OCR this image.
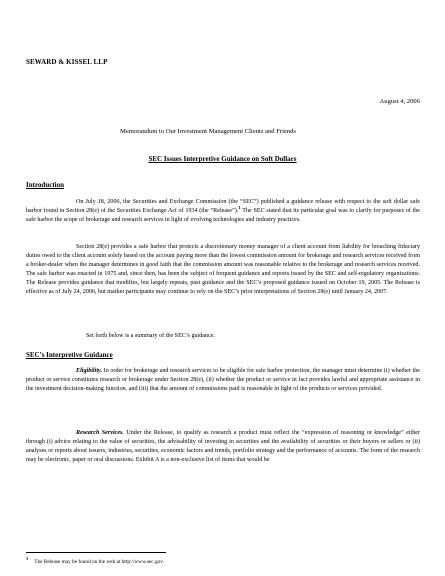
SEWARD & KISSEL LLP
August 4, 2006
Memorandum to Our Investment Management Clients and Friends
SEC Issues Interpretive Guidance on Soft Dollars
Introduction
On July 18, 2006, the Securities and Exchange Commission (the “SEC”) published a guidance release with respect to the soft dollar safe harbor found in Section 28(e) of the Securities Exchange Act of 1934 (the “Release”).$^1$ The SEC stated that its particular goal was to clarify for purposes of the safe harbor the scope of brokerage and research services in light of evolving technologies and industry practices.
Section 28(e) provides a safe harbor that protects a discretionary money manager of a client account from liability for breaching fiduciary duties owed to the client account solely based on the account paying more than the lowest commission amount for brokerage and research services received from a broker-dealer when the manager determines in good faith that the commission amount was reasonable relative to the brokerage and research services received. The safe harbor was enacted in 1975 and, since then, has been the subject of frequent guidance and reports issued by the SEC and self-regulatory organizations. The Release provides guidance that modifies, but largely repeats, past guidance and the SEC’s proposed guidance issued on October 19, 2005. The Release is effective as of July 24, 2006, but market participants may continue to rely on the SEC’s prior interpretations of Section 28(e) until January 24, 2007.
Set forth below is a summary of the SEC’s guidance.
SEC’s Interpretive Guidance
Eligibility. In order for brokerage and research services to be eligible for safe harbor protection, the manager must determine (i) whether the product or service constitutes research or brokerage under Section 28(e), (ii) whether the product or service in fact provides lawful and appropriate assistance in the investment decision-making function, and (iii) that the amount of commissions paid is reasonable in light of the products or services provided.
Research Services. Under the Release, to qualify as research a product must reflect the “expression of reasoning or knowledge” either through (i) advice relating to the value of securities, the advisability of investing in securities and the availability of securities or their buyers or sellers or (ii) analyses or reports about issuers, industries, securities, economic factors and trends, portfolio strategy and the performance of accounts. The form of the research may be electronic, paper or oral discussions. Exhibit A is a non-exclusive list of items that would be
$^1$The Release may be found on the web at http://www.sec.gov.
